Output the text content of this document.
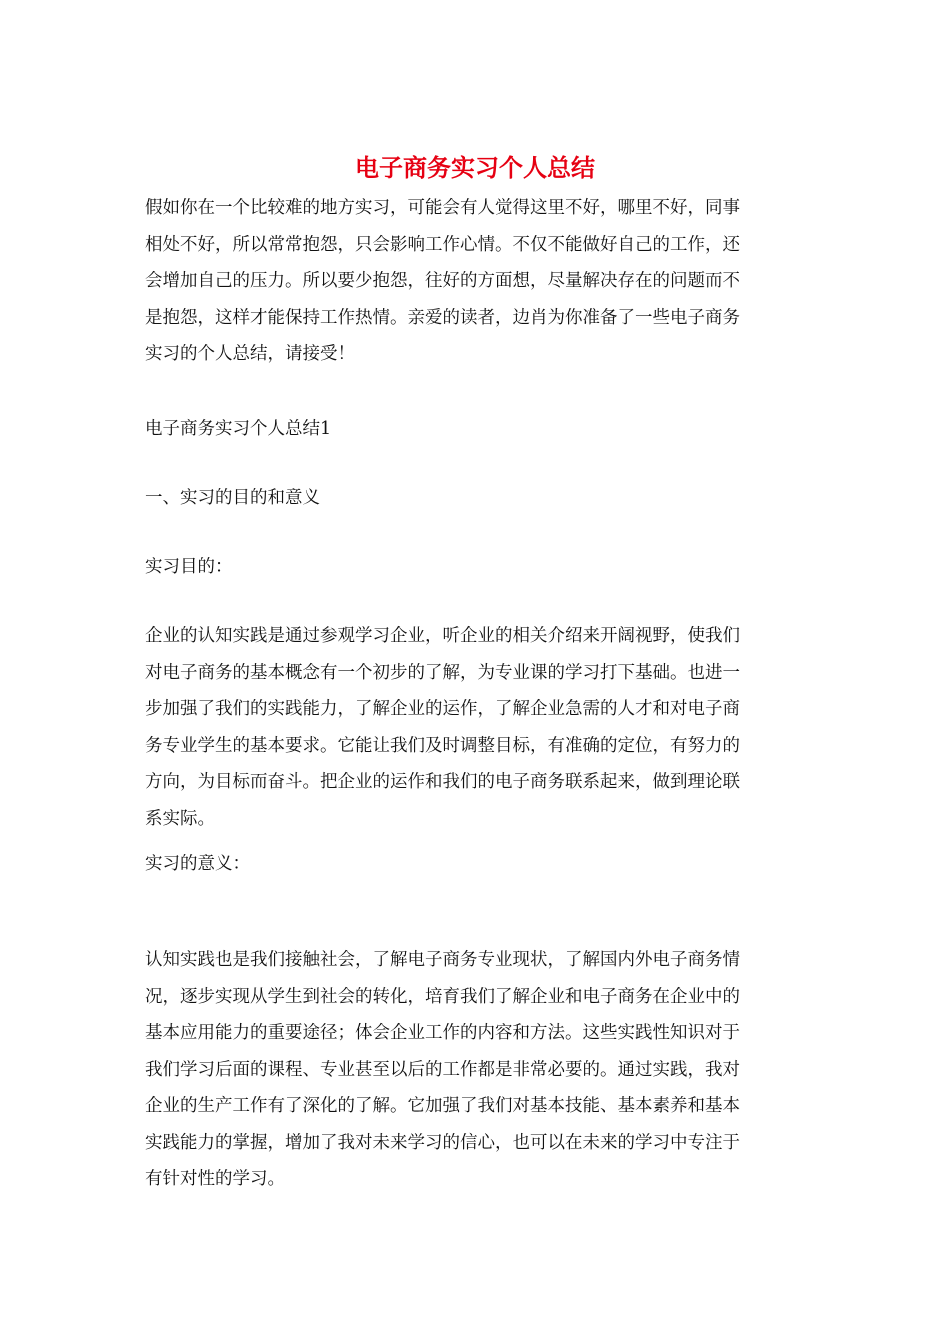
电子商务实习个人总结

假如你在一个比较难的地方实习，可能会有人觉得这里不好，哪里不好，同事
相处不好，所以常常抱怨，只会影响工作心情。不仅不能做好自己的工作，还
会增加自己的压力。所以要少抱怨，往好的方面想，尽量解决存在的问题而不
是抱怨，这样才能保持工作热情。亲爱的读者，边肖为你准备了一些电子商务
实习的个人总结，请接受！

电子商务实习个人总结1

一、实习的目的和意义

实习目的：

企业的认知实践是通过参观学习企业，听企业的相关介绍来开阔视野，使我们
对电子商务的基本概念有一个初步的了解，为专业课的学习打下基础。也进一
步加强了我们的实践能力，了解企业的运作，了解企业急需的人才和对电子商
务专业学生的基本要求。它能让我们及时调整目标，有准确的定位，有努力的
方向，为目标而奋斗。把企业的运作和我们的电子商务联系起来，做到理论联
系实际。

实习的意义：

认知实践也是我们接触社会，了解电子商务专业现状，了解国内外电子商务情
况，逐步实现从学生到社会的转化，培育我们了解企业和电子商务在企业中的
基本应用能力的重要途径；体会企业工作的内容和方法。这些实践性知识对于
我们学习后面的课程、专业甚至以后的工作都是非常必要的。通过实践，我对
企业的生产工作有了深化的了解。它加强了我们对基本技能、基本素养和基本
实践能力的掌握，增加了我对未来学习的信心，也可以在未来的学习中专注于
有针对性的学习。
